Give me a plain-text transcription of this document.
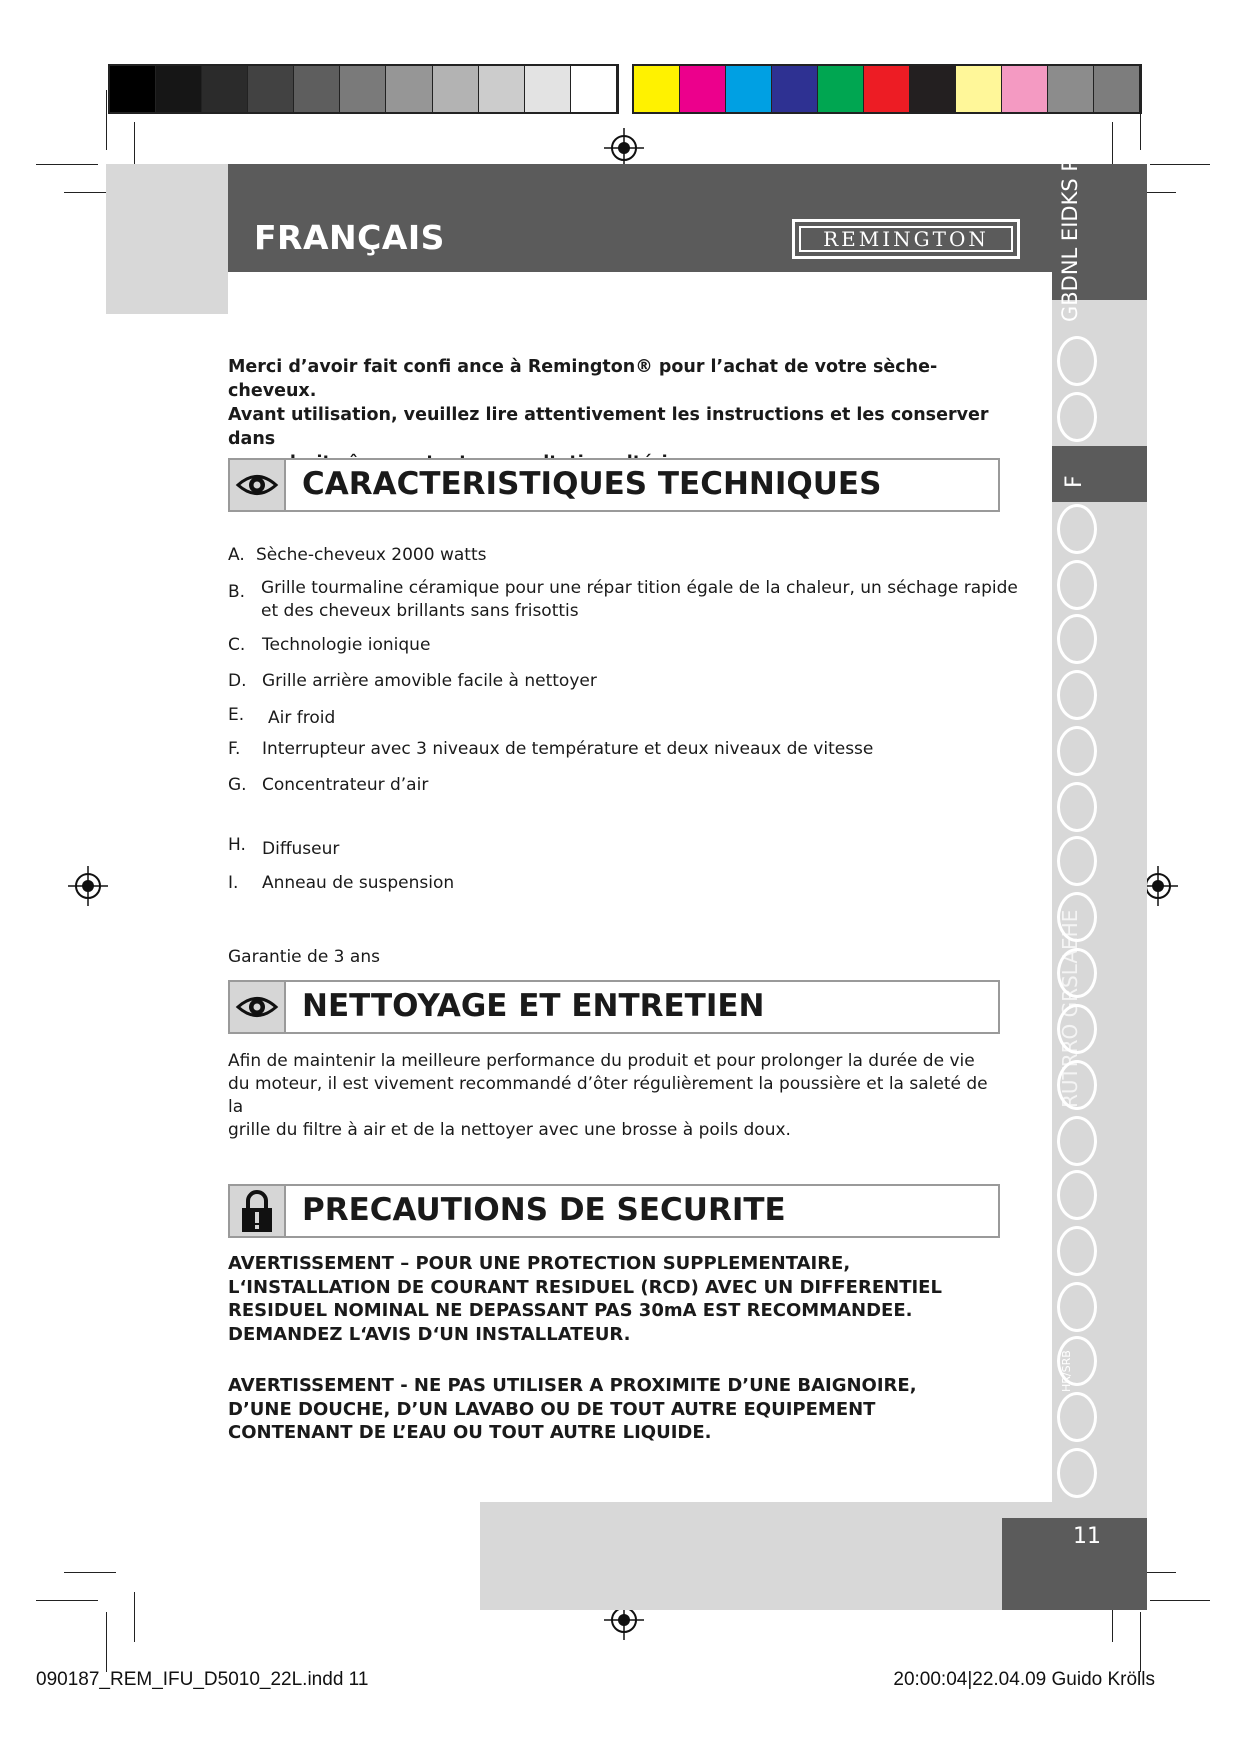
FRANÇAIS	REMINGTON	GBDNL EIDKS PSKC
F
RUTRRO GRSLAEHE
HR/SRB
Merci d’avoir fait confi ance à Remington® pour l’achat de votre sèche-cheveux.
Avant utilisation, veuillez lire attentivement les instructions et les conserver dans
CARACTERISTIQUES TECHNIQUES
A. Sèche-cheveux 2000 watts
B. Grille tourmaline céramique pour une répar tition égale de la chaleur, un séchage rapide
et des cheveux brillants sans frisottis
C. Technologie ionique
D. Grille arrière amovible facile à nettoyer
E. Air froid
F. Interrupteur avec 3 niveaux de température et deux niveaux de vitesse
G. Concentrateur d’air
H. Diffuseur
I. Anneau de suspension
Garantie de 3 ans
NETTOYAGE ET ENTRETIEN
Afin de maintenir la meilleure performance du produit et pour prolonger la durée de vie
du moteur, il est vivement recommandé d’ôter régulièrement la poussière et la saleté de la
grille du filtre à air et de la nettoyer avec une brosse à poils doux.
PRECAUTIONS DE SECURITE
AVERTISSEMENT – POUR UNE PROTECTION SUPPLEMENTAIRE,
L‘INSTALLATION DE COURANT RESIDUEL (RCD) AVEC UN DIFFERENTIEL
RESIDUEL NOMINAL NE DEPASSANT PAS 30mA EST RECOMMANDEE.
DEMANDEZ L‘AVIS D‘UN INSTALLATEUR.
AVERTISSEMENT - NE PAS UTILISER A PROXIMITE D’UNE BAIGNOIRE,
D’UNE DOUCHE, D’UN LAVABO OU DE TOUT AUTRE EQUIPEMENT
CONTENANT DE L’EAU OU TOUT AUTRE LIQUIDE.
11
090187_REM_IFU_D5010_22L.indd 11	20:00:04|22.04.09 Guido Krölls
